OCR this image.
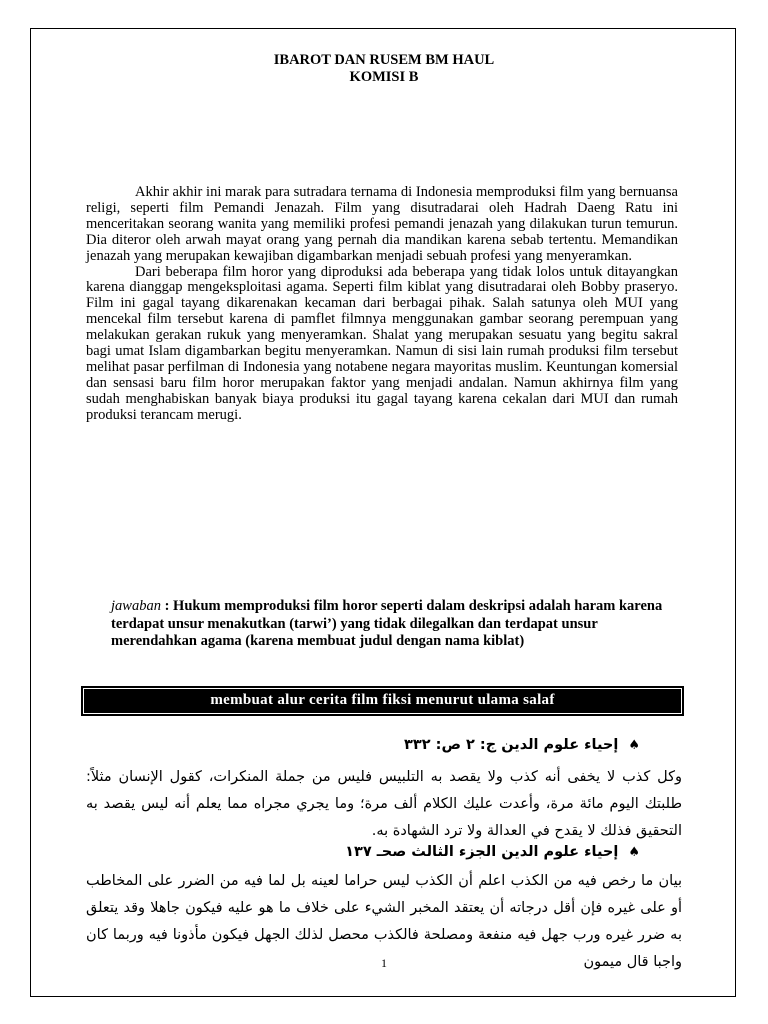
IBAROT DAN RUSEM BM HAUL
KOMISI B

Akhir akhir ini marak para sutradara ternama di Indonesia memproduksi film yang bernuansa religi, seperti film Pemandi Jenazah. Film yang disutradarai oleh Hadrah Daeng Ratu ini menceritakan seorang wanita yang memiliki profesi pemandi jenazah yang dilakukan turun temurun. Dia diteror oleh arwah mayat orang yang pernah dia mandikan karena sebab tertentu. Memandikan jenazah yang merupakan kewajiban digambarkan menjadi sebuah profesi yang menyeramkan.

Dari beberapa film horor yang diproduksi ada beberapa yang tidak lolos untuk ditayangkan karena dianggap mengeksploitasi agama. Seperti film kiblat yang disutradarai oleh Bobby praseryo. Film ini gagal tayang dikarenakan kecaman dari berbagai pihak. Salah satunya oleh MUI yang mencekal film tersebut karena di pamflet filmnya menggunakan gambar seorang perempuan yang melakukan gerakan rukuk yang menyeramkan. Shalat yang merupakan sesuatu yang begitu sakral bagi umat Islam digambarkan begitu menyeramkan. Namun di sisi lain rumah produksi film tersebut melihat pasar perfilman di Indonesia yang notabene negara mayoritas muslim. Keuntungan komersial dan sensasi baru film horor merupakan faktor yang menjadi andalan. Namun akhirnya film yang sudah menghabiskan banyak biaya produksi itu gagal tayang karena cekalan dari MUI dan rumah produksi terancam merugi.

jawaban : Hukum memproduksi film horor seperti dalam deskripsi adalah haram karena terdapat unsur menakutkan (tarwi’) yang tidak dilegalkan dan terdapat unsur merendahkan agama (karena membuat judul dengan nama kiblat)
membuat alur cerita film fiksi menurut ulama salaf
♠
إحياء علوم الدين ج: ٢ ص: ٣٣٢
وكل كذب لا يخفى أنه كذب ولا يقصد به التلبيس فليس من جملة المنكرات، كقول الإنسان مثلاً: طلبتك اليوم مائة مرة، وأعدت عليك الكلام ألف مرة؛ وما يجري مجراه مما يعلم أنه ليس يقصد به التحقيق فذلك لا يقدح في العدالة ولا ترد الشهادة به.
♠
إحياء علوم الدين الجزء الثالث صحـ ١٣٧
بيان ما رخص فيه من الكذب اعلم أن الكذب ليس حراما لعينه بل لما فيه من الضرر على المخاطب أو على غيره فإن أقل درجاته أن يعتقد المخبر الشيء على خلاف ما هو عليه فيكون جاهلا وقد يتعلق به ضرر غيره ورب جهل فيه منفعة ومصلحة فالكذب محصل لذلك الجهل فيكون مأذونا فيه وربما كان واجبا قال ميمون
1
